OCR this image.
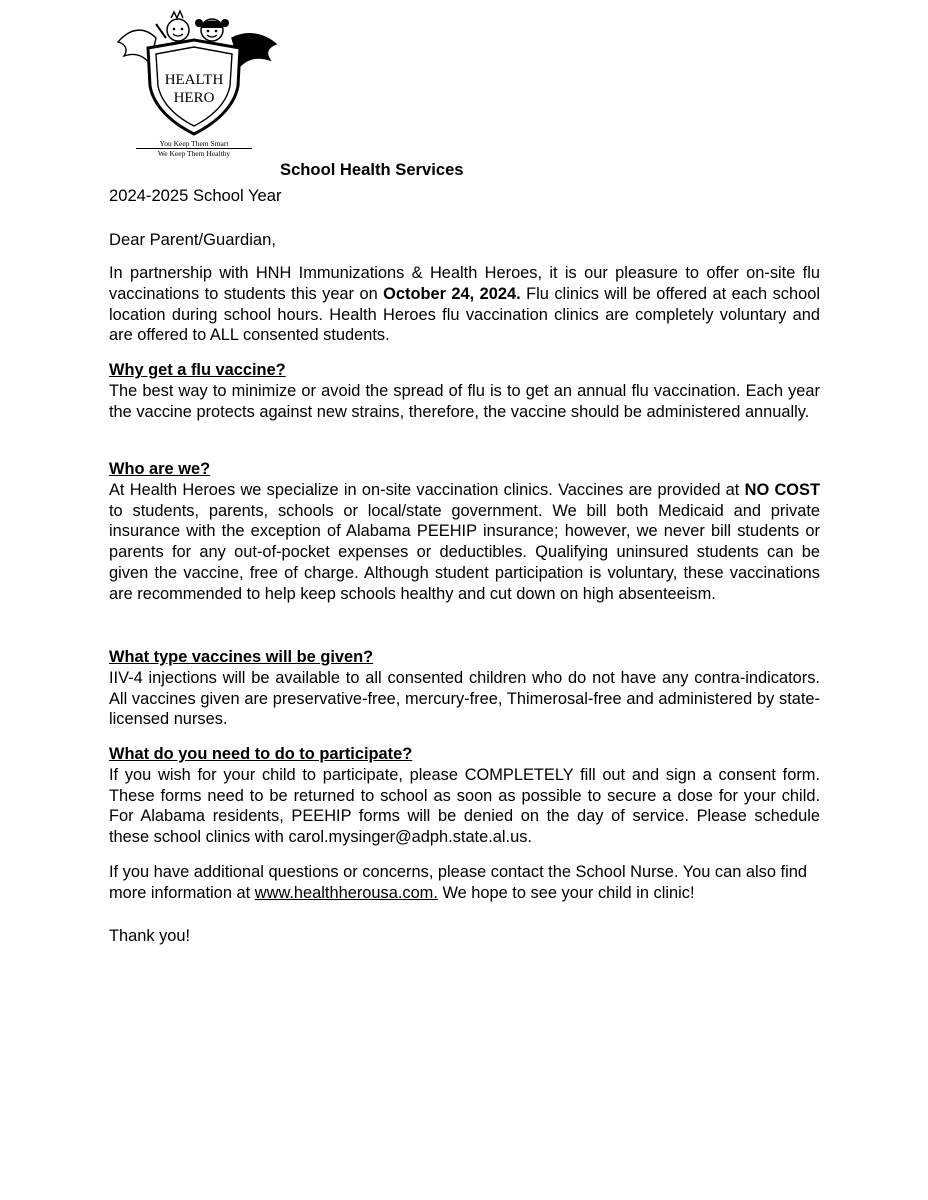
HEALTH
HERO
You Keep Them Smart
We Keep Them Healthy
School Health Services
2024-2025 School Year
Dear Parent/Guardian,
In partnership with HNH Immunizations & Health Heroes, it is our pleasure to offer on-site flu vaccinations to students this year on October 24, 2024. Flu clinics will be offered at each school location during school hours. Health Heroes flu vaccination clinics are completely voluntary and are offered to ALL consented students.
Why get a flu vaccine?
The best way to minimize or avoid the spread of flu is to get an annual flu vaccination. Each year the vaccine protects against new strains, therefore, the vaccine should be administered annually.
Who are we?
At Health Heroes we specialize in on-site vaccination clinics. Vaccines are provided at NO COST to students, parents, schools or local/state government. We bill both Medicaid and private insurance with the exception of Alabama PEEHIP insurance; however, we never bill students or parents for any out-of-pocket expenses or deductibles. Qualifying uninsured students can be given the vaccine, free of charge. Although student participation is voluntary, these vaccinations are recommended to help keep schools healthy and cut down on high absenteeism.
What type vaccines will be given?
IIV-4 injections will be available to all consented children who do not have any contra-indicators. All vaccines given are preservative-free, mercury-free, Thimerosal-free and administered by state-licensed nurses.
What do you need to do to participate?
If you wish for your child to participate, please COMPLETELY fill out and sign a consent form. These forms need to be returned to school as soon as possible to secure a dose for your child. For Alabama residents, PEEHIP forms will be denied on the day of service. Please schedule these school clinics with carol.mysinger@adph.state.al.us.
If you have additional questions or concerns, please contact the School Nurse. You can also find more information at www.healthherousa.com. We hope to see your child in clinic!
Thank you!
